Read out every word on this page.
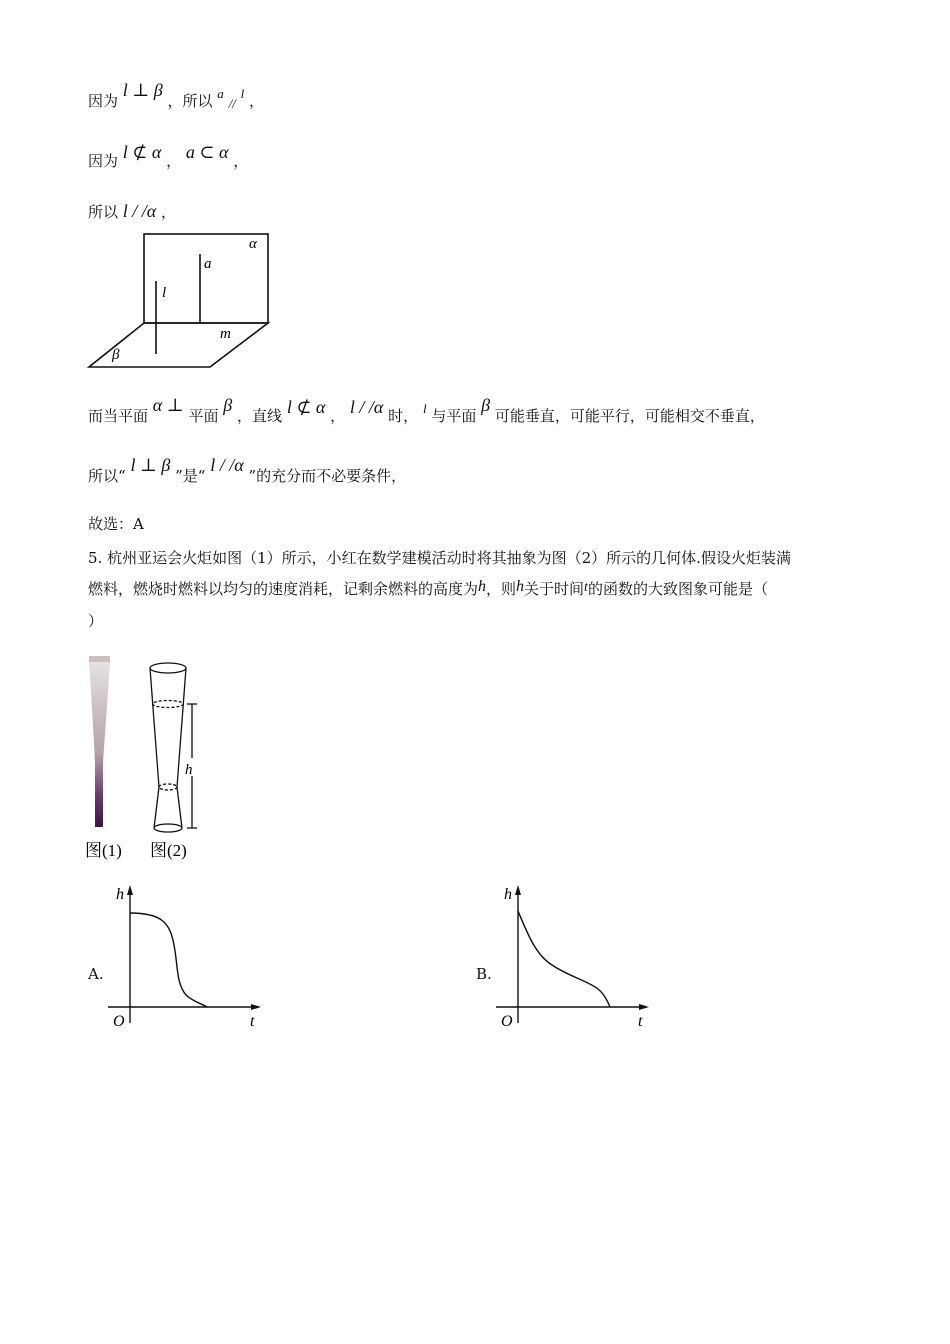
因为 l ⊥ β ，所以 a // l ，
因为 l ⊄ α ， a ⊂ α ，
所以 l / /α ，
α
a
l
m
β
而当平面 α ⊥ 平面 β ，直线 l ⊄ α ， l / /α 时， l 与平面 β 可能垂直，可能平行，可能相交不垂直，
所以“ l ⊥ β ”是“ l / /α ”的充分而不必要条件，
故选：A
5. 杭州亚运会火炬如图（1）所示，小红在数学建模活动时将其抽象为图（2）所示的几何体.假设火炬装满
燃料，燃烧时燃料以均匀的速度消耗，记剩余燃料的高度为h，则h关于时间t的函数的大致图象可能是（
）
h
图(1) 图(2)
A.
h
t
O
B.
h
t
O
